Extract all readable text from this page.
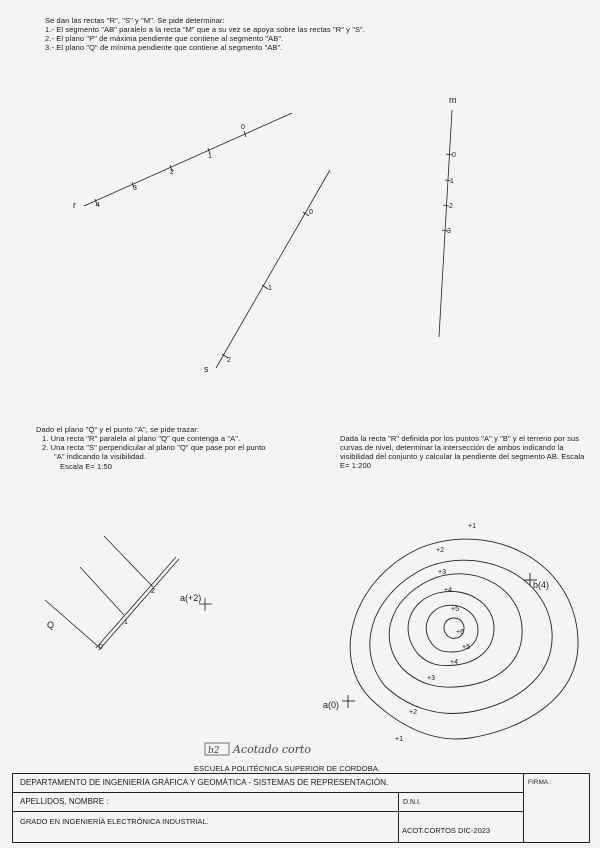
Se dan las rectas "R", "S" y "M". Se pide determinar:
1.- El segmento "AB" paralelo a la recta "M" que a su vez se apoya sobre las rectas "R" y "S".
2.- El plano "P" de máxima pendiente que contiene al segmento "AB".
3.- El plano "Q" de mínima pendiente que contiene al segmento "AB".
r
0
1
2
3
4
s
0
1
2
m
0
1
2
3
Q
0
1
2
a(+2)
+1
+2
+3
+4
+5
+6
+5
+4
+3
+2
+1
a(0)
b(4)
b2 Acotado corto
Dado el plano "Q" y el punto "A", se pide trazar:
1. Una recta "R" paralela al plano "Q" que contenga a "A".
2. Una recta "S" perpendicular al plano "Q" que pase por el punto
"A" indicando la visibilidad.
Escala E= 1:50
Dada la recta "R" definida por los puntos "A" y "B" y el terreno por sus curvas de nivel, determinar la intersección de ambos indicando la visibilidad del conjunto y calcular la pendiente del segmento AB. Escala E= 1:200
ESCUELA POLITÉCNICA SUPERIOR DE CORDOBA.
DEPARTAMENTO DE INGENIERÍA GRÁFICA Y GEOMÁTICA - SISTEMAS DE REPRESENTACIÓN.	FIRMA :
APELLIDOS, NOMBRE :	D.N.I.
GRADO EN INGENIERÍA ELECTRÓNICA INDUSTRIAL.
ACOT.CORTOS DIC-2023
